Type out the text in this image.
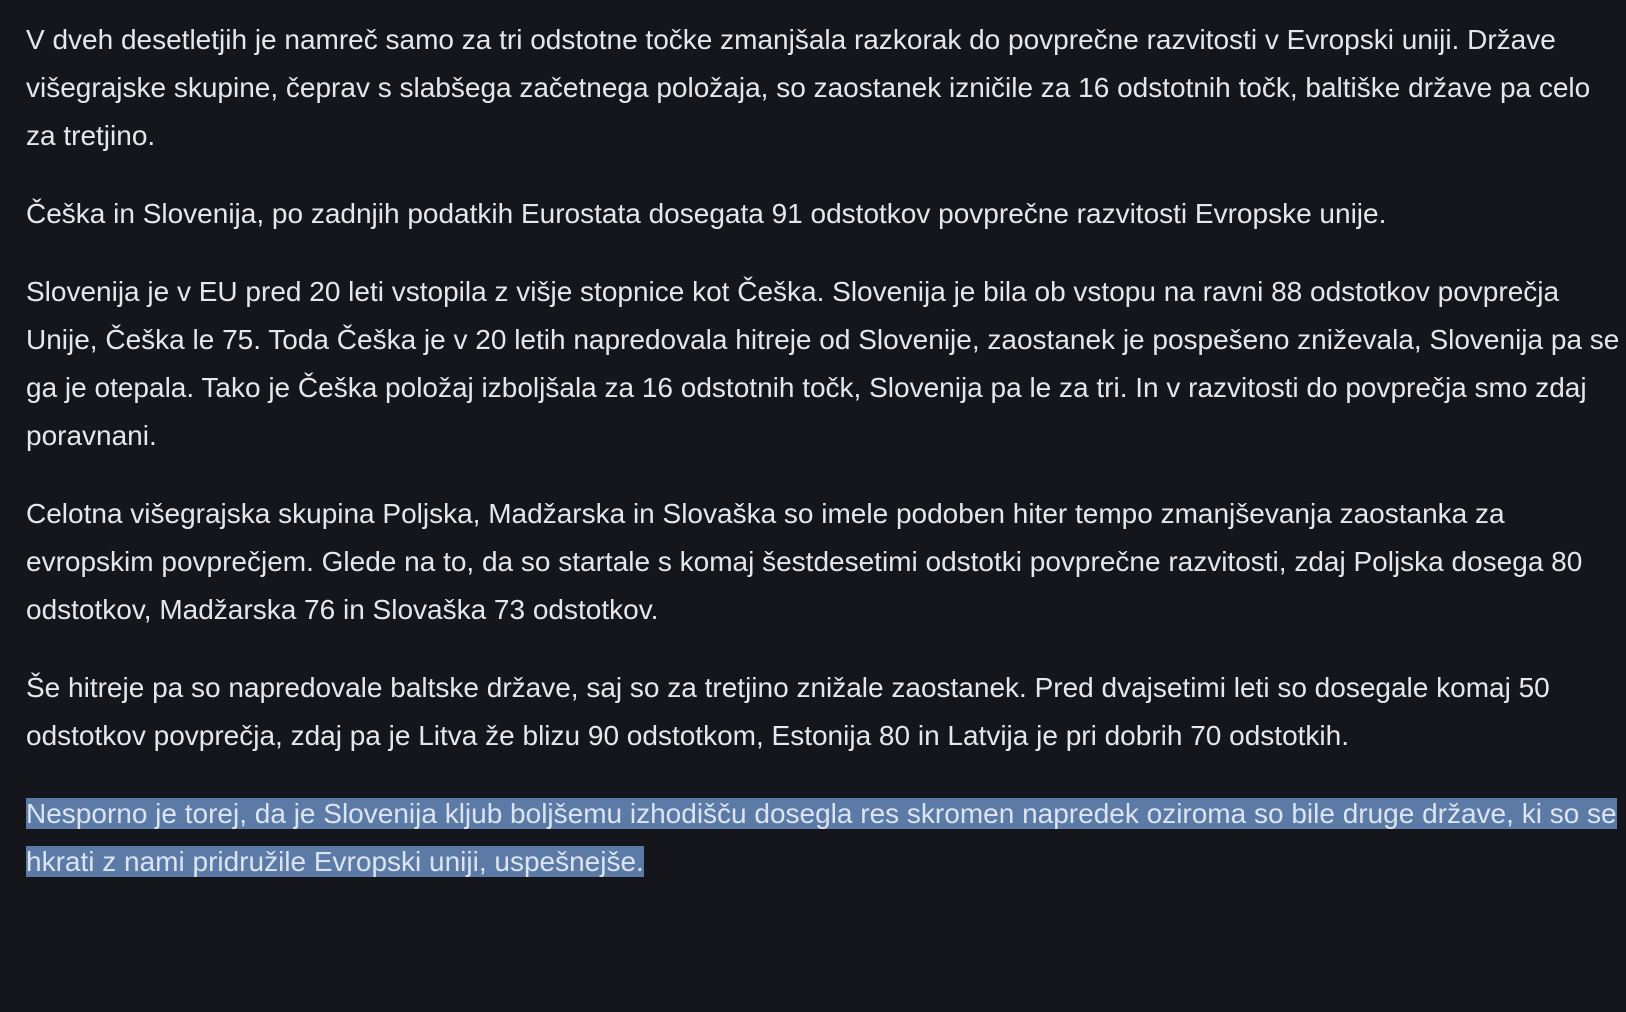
V dveh desetletjih je namreč samo za tri odstotne točke zmanjšala razkorak do povprečne razvitosti v Evropski uniji. Države višegrajske skupine, čeprav s slabšega začetnega položaja, so zaostanek izničile za 16 odstotnih točk, baltiške države pa celo za tretjino.

Češka in Slovenija, po zadnjih podatkih Eurostata dosegata 91 odstotkov povprečne razvitosti Evropske unije.

Slovenija je v EU pred 20 leti vstopila z višje stopnice kot Češka. Slovenija je bila ob vstopu na ravni 88 odstotkov povprečja Unije, Češka le 75. Toda Češka je v 20 letih napredovala hitreje od Slovenije, zaostanek je pospešeno zniževala, Slovenija pa se ga je otepala. Tako je Češka položaj izboljšala za 16 odstotnih točk, Slovenija pa le za tri. In v razvitosti do povprečja smo zdaj poravnani.

Celotna višegrajska skupina Poljska, Madžarska in Slovaška so imele podoben hiter tempo zmanjševanja zaostanka za evropskim povprečjem. Glede na to, da so startale s komaj šestdesetimi odstotki povprečne razvitosti, zdaj Poljska dosega 80 odstotkov, Madžarska 76 in Slovaška 73 odstotkov.

Še hitreje pa so napredovale baltske države, saj so za tretjino znižale zaostanek. Pred dvajsetimi leti so dosegale komaj 50 odstotkov povprečja, zdaj pa je Litva že blizu 90 odstotkom, Estonija 80 in Latvija je pri dobrih 70 odstotkih.

Nesporno je torej, da je Slovenija kljub boljšemu izhodišču dosegla res skromen napredek oziroma so bile druge države, ki so se hkrati z nami pridružile Evropski uniji, uspešnejše.
